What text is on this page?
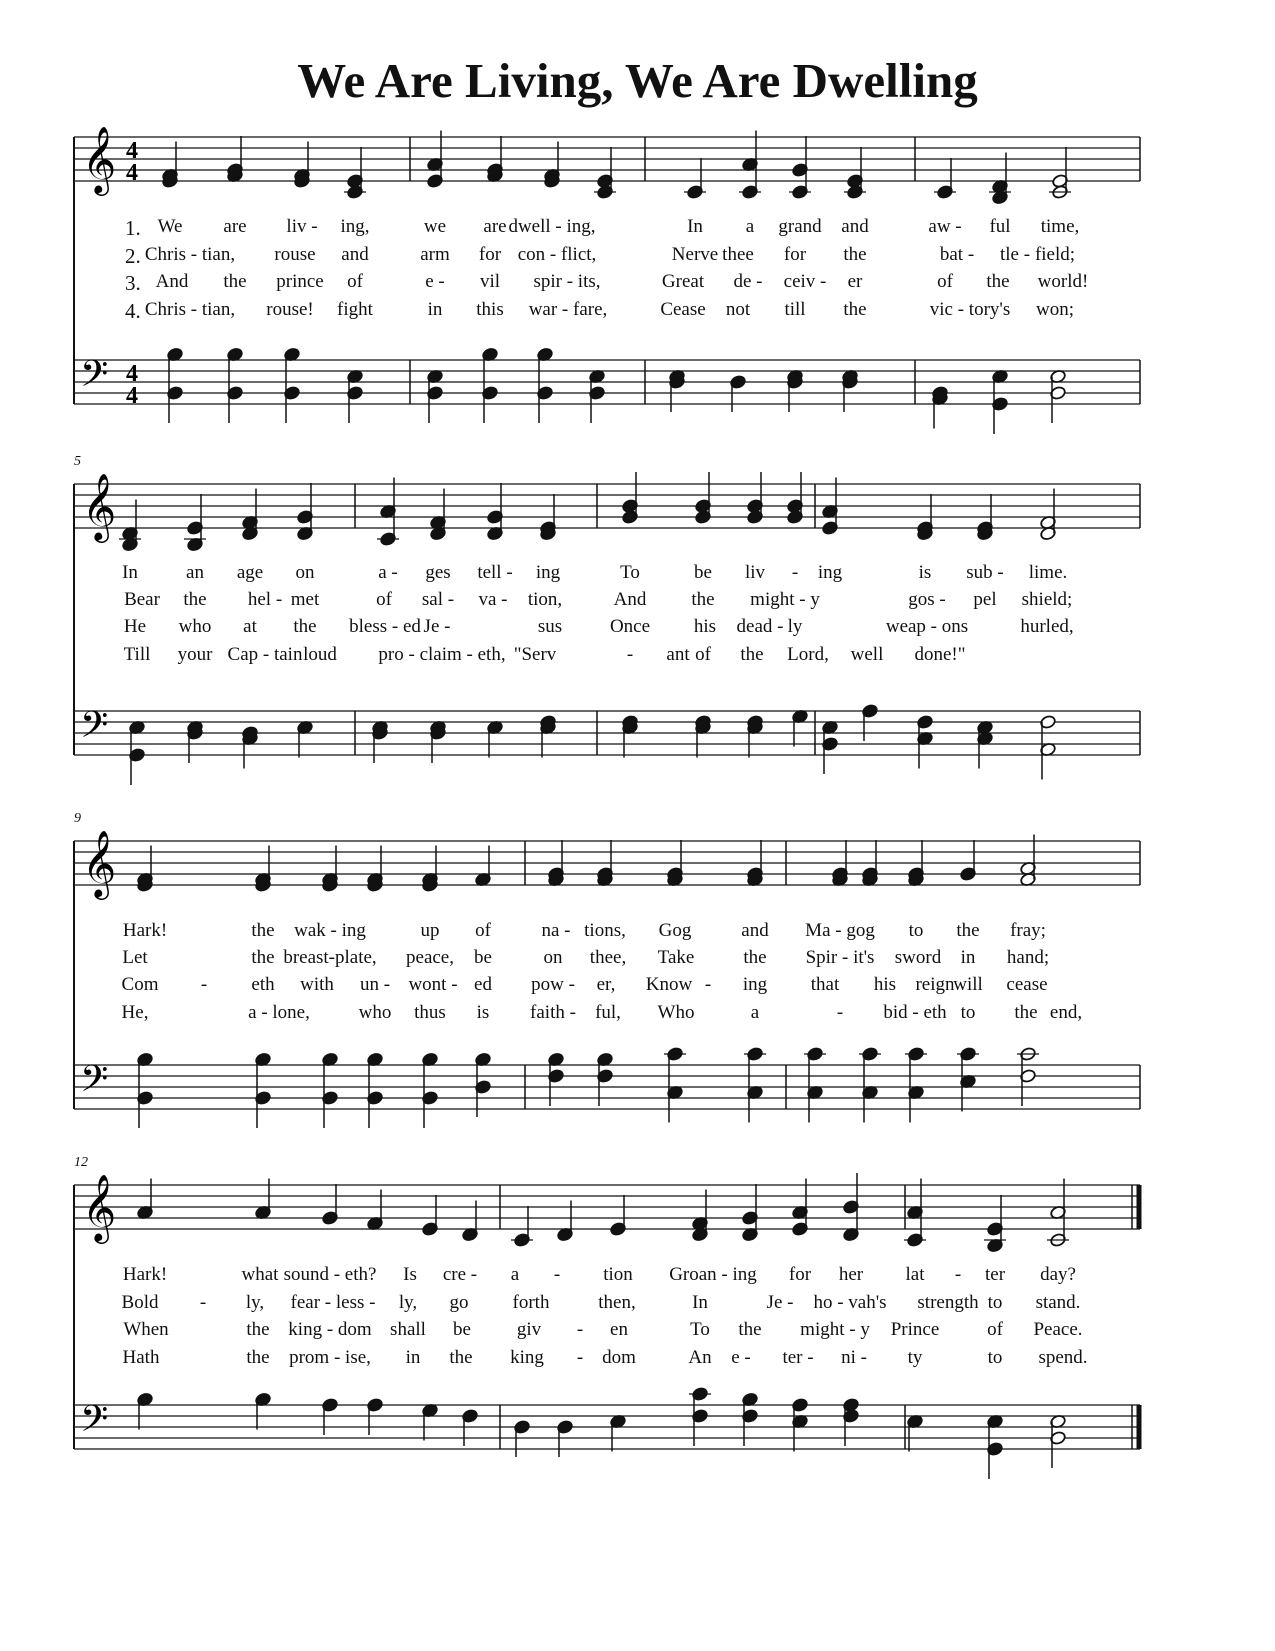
We Are Living, We Are Dwelling
𝄞
𝄢
4
4
4
4
𝄞
𝄢
𝄞
𝄢
𝄞
𝄢
1. We are liv - ing,	we are dwell - ing,	In a grand and	aw - ful time,
2. Chris - tian, rouse and	arm for con - flict,	Nerve thee for the	bat - tle - field;
3. And the prince of	e - vil spir - its,	Great de - ceiv - er	of the world!
4. Chris - tian, rouse! fight	in this war - fare,	Cease not till the	vic - tory's won;
5
In	an age on	a - ges tell - ing	To	be liv - ing	is sub - lime.
Bear the hel - met	of sal - va - tion,	And the might - y	gos - pel shield;
He who at the bless - ed Je -	sus	Once his dead - ly	weap - ons	hurled,
Till your Cap - tain loud pro - claim - eth, "Serv	- ant of the Lord, well done!"
9
Hark!	the wak - ing	up of	na - tions, Gog	and Ma - gog to the fray;
Let	the breast-plate, peace, be	on thee, Take	the Spir - it's sword in hand;
Com - eth with un - wont - ed pow - er, Know - ing that his reign
will cease
He,	a - lone,	who thus is faith - ful, Who	a	- bid - eth to the end,
12
Hark!	what sound - eth? Is cre - a - tion Groan - ing for her lat - ter day?
Bold - ly, fear - less - ly, go forth	then,	In	Je - ho - vah's strength to stand.
When	the king - dom shall be giv - en	To the might - y Prince	of Peace.
Hath	the prom - ise, in the king - dom	An e - ter - ni - ty	to spend.
